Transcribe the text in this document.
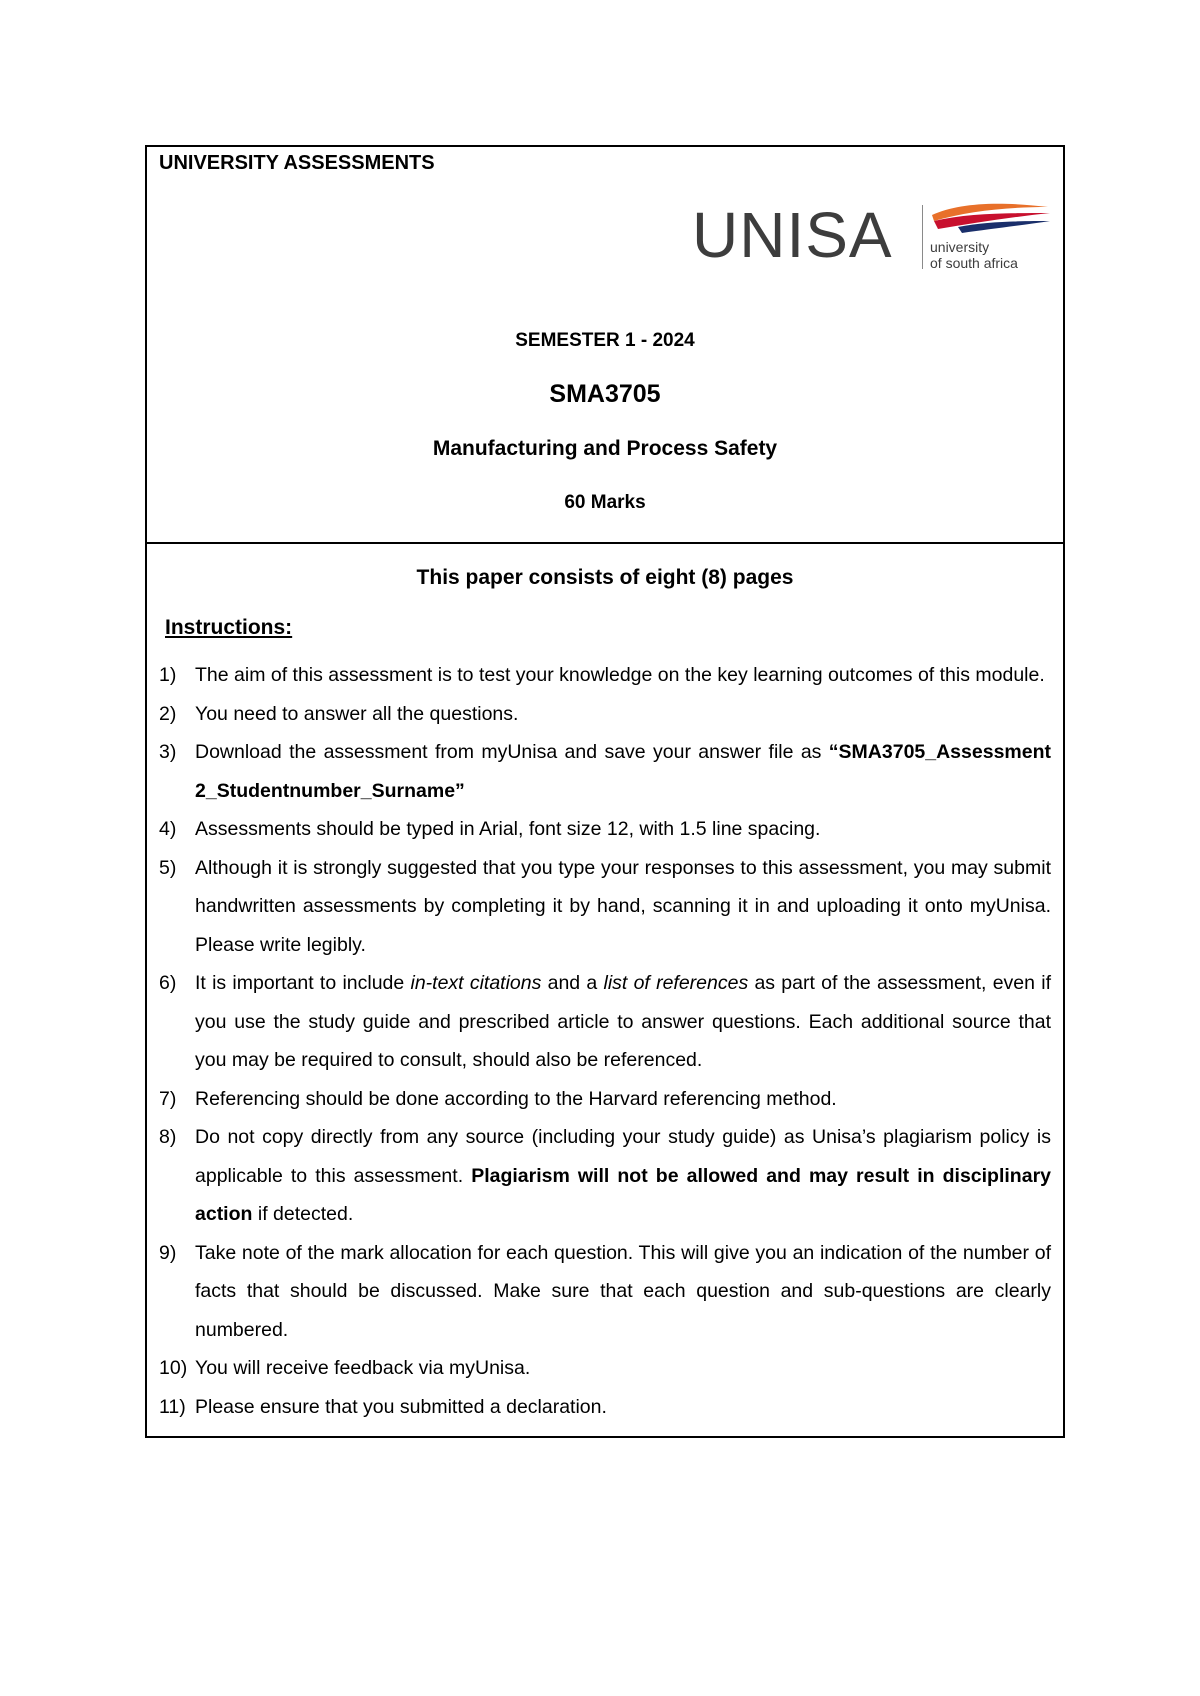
UNIVERSITY ASSESSMENTS
UNISA	university
of south africa
SEMESTER 1 - 2024
SMA3705
Manufacturing and Process Safety
60 Marks
This paper consists of eight (8) pages
Instructions:
1) The aim of this assessment is to test your knowledge on the key learning outcomes of this module.
2) You need to answer all the questions.
3) Download the assessment from myUnisa and save your answer file as “SMA3705_Assessment 2_Studentnumber_Surname”
4) Assessments should be typed in Arial, font size 12, with 1.5 line spacing.
5) Although it is strongly suggested that you type your responses to this assessment, you may submit handwritten assessments by completing it by hand, scanning it in and uploading it onto myUnisa. Please write legibly.
6) It is important to include in-text citations and a list of references as part of the assessment, even if you use the study guide and prescribed article to answer questions. Each additional source that you may be required to consult, should also be referenced.
7) Referencing should be done according to the Harvard referencing method.
8) Do not copy directly from any source (including your study guide) as Unisa’s plagiarism policy is applicable to this assessment. Plagiarism will not be allowed and may result in disciplinary action if detected.
9) Take note of the mark allocation for each question. This will give you an indication of the number of facts that should be discussed. Make sure that each question and sub-questions are clearly numbered.
10) You will receive feedback via myUnisa.
11) Please ensure that you submitted a declaration.
